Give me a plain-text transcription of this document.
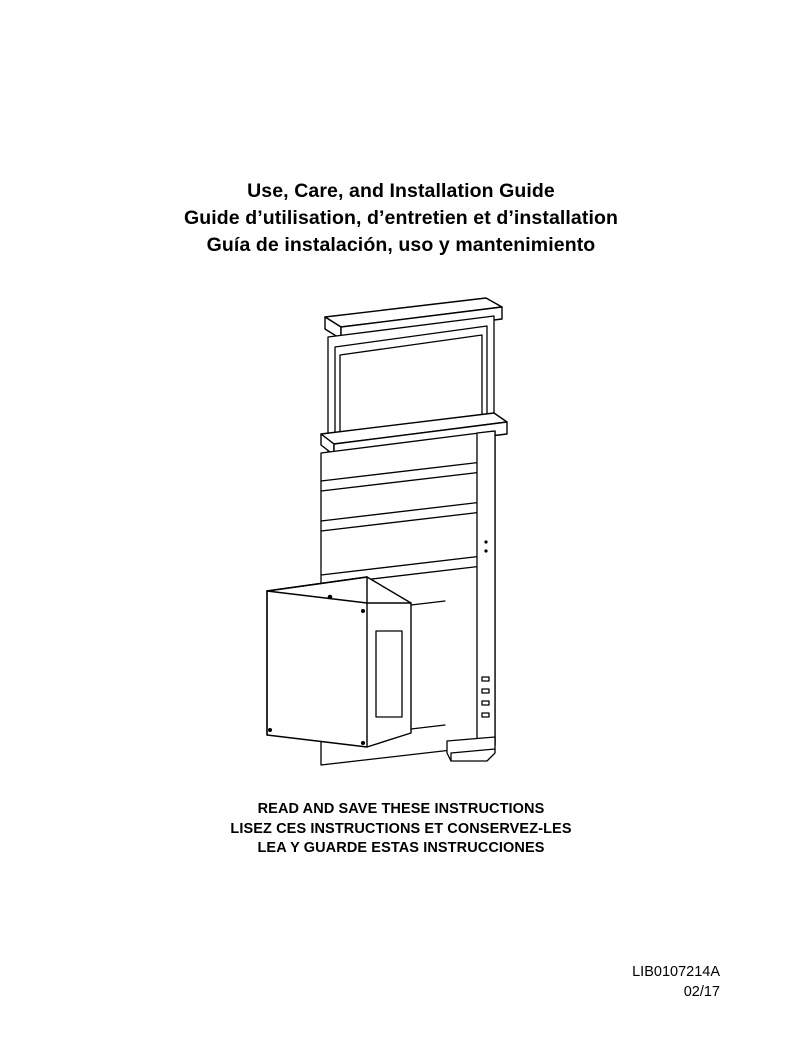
Use, Care, and Installation Guide
Guide d’utilisation, d’entretien et d’installation
Guía de instalación, uso y mantenimiento
READ AND SAVE THESE INSTRUCTIONS
LISEZ CES INSTRUCTIONS ET CONSERVEZ-LES
LEA Y GUARDE ESTAS INSTRUCCIONES
LIB0107214A
02/17
